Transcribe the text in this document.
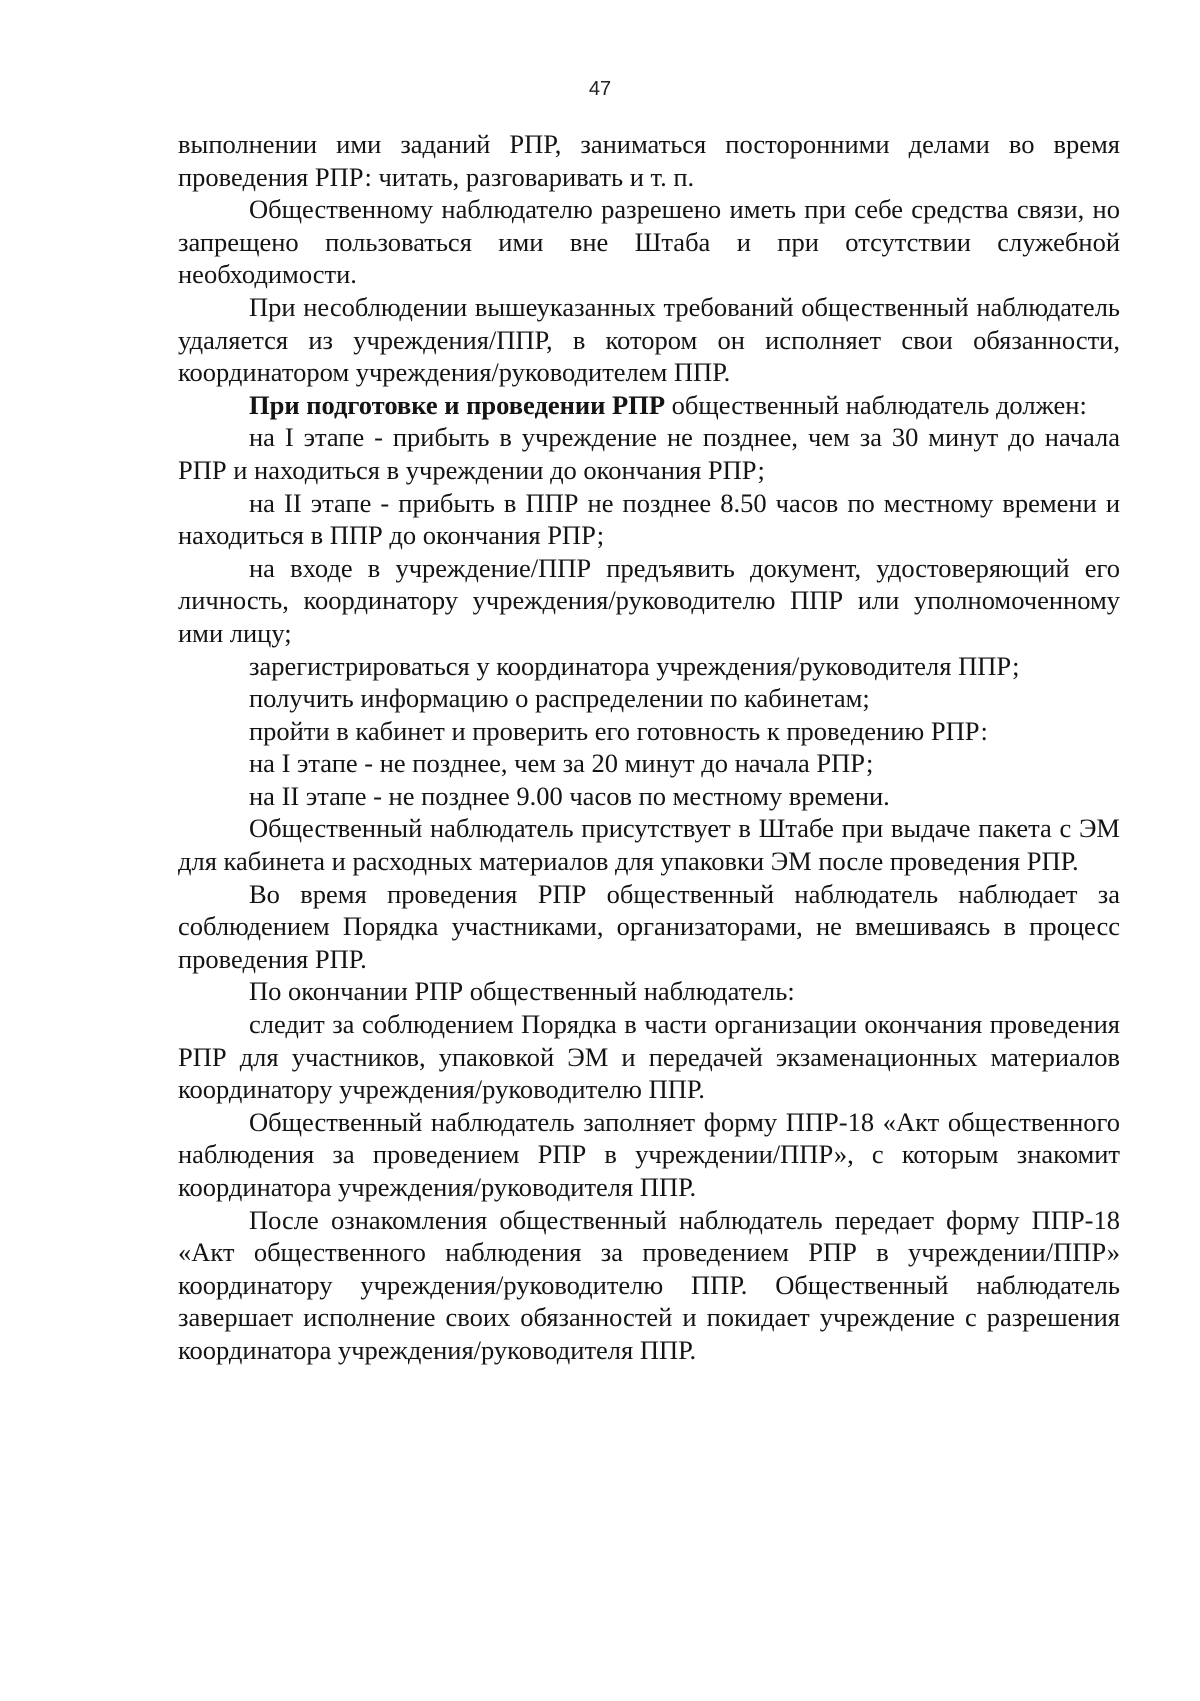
47

выполнении ими заданий РПР, заниматься посторонними делами во время проведения РПР: читать, разговаривать и т. п.

Общественному наблюдателю разрешено иметь при себе средства связи, но запрещено пользоваться ими вне Штаба и при отсутствии служебной необходимости.

При несоблюдении вышеуказанных требований общественный наблюдатель удаляется из учреждения/ППР, в котором он исполняет свои обязанности, координатором учреждения/руководителем ППР.

При подготовке и проведении РПР общественный наблюдатель должен:

на I этапе - прибыть в учреждение не позднее, чем за 30 минут до начала РПР и находиться в учреждении до окончания РПР;

на II этапе - прибыть в ППР не позднее 8.50 часов по местному времени и находиться в ППР до окончания РПР;

на входе в учреждение/ППР предъявить документ, удостоверяющий его личность, координатору учреждения/руководителю ППР или уполномоченному ими лицу;

зарегистрироваться у координатора учреждения/руководителя ППР;

получить информацию о распределении по кабинетам;

пройти в кабинет и проверить его готовность к проведению РПР:

на I этапе - не позднее, чем за 20 минут до начала РПР;

на II этапе - не позднее 9.00 часов по местному времени.

Общественный наблюдатель присутствует в Штабе при выдаче пакета с ЭМ для кабинета и расходных материалов для упаковки ЭМ после проведения РПР.

Во время проведения РПР общественный наблюдатель наблюдает за соблюдением Порядка участниками, организаторами, не вмешиваясь в процесс проведения РПР.

По окончании РПР общественный наблюдатель:

следит за соблюдением Порядка в части организации окончания проведения РПР для участников, упаковкой ЭМ и передачей экзаменационных материалов координатору учреждения/руководителю ППР.

Общественный наблюдатель заполняет форму ППР-18 «Акт общественного наблюдения за проведением РПР в учреждении/ППР», с которым знакомит координатора учреждения/руководителя ППР.

После ознакомления общественный наблюдатель передает форму ППР-18 «Акт общественного наблюдения за проведением РПР в учреждении/ППР» координатору учреждения/руководителю ППР. Общественный наблюдатель завершает исполнение своих обязанностей и покидает учреждение с разрешения координатора учреждения/руководителя ППР.
